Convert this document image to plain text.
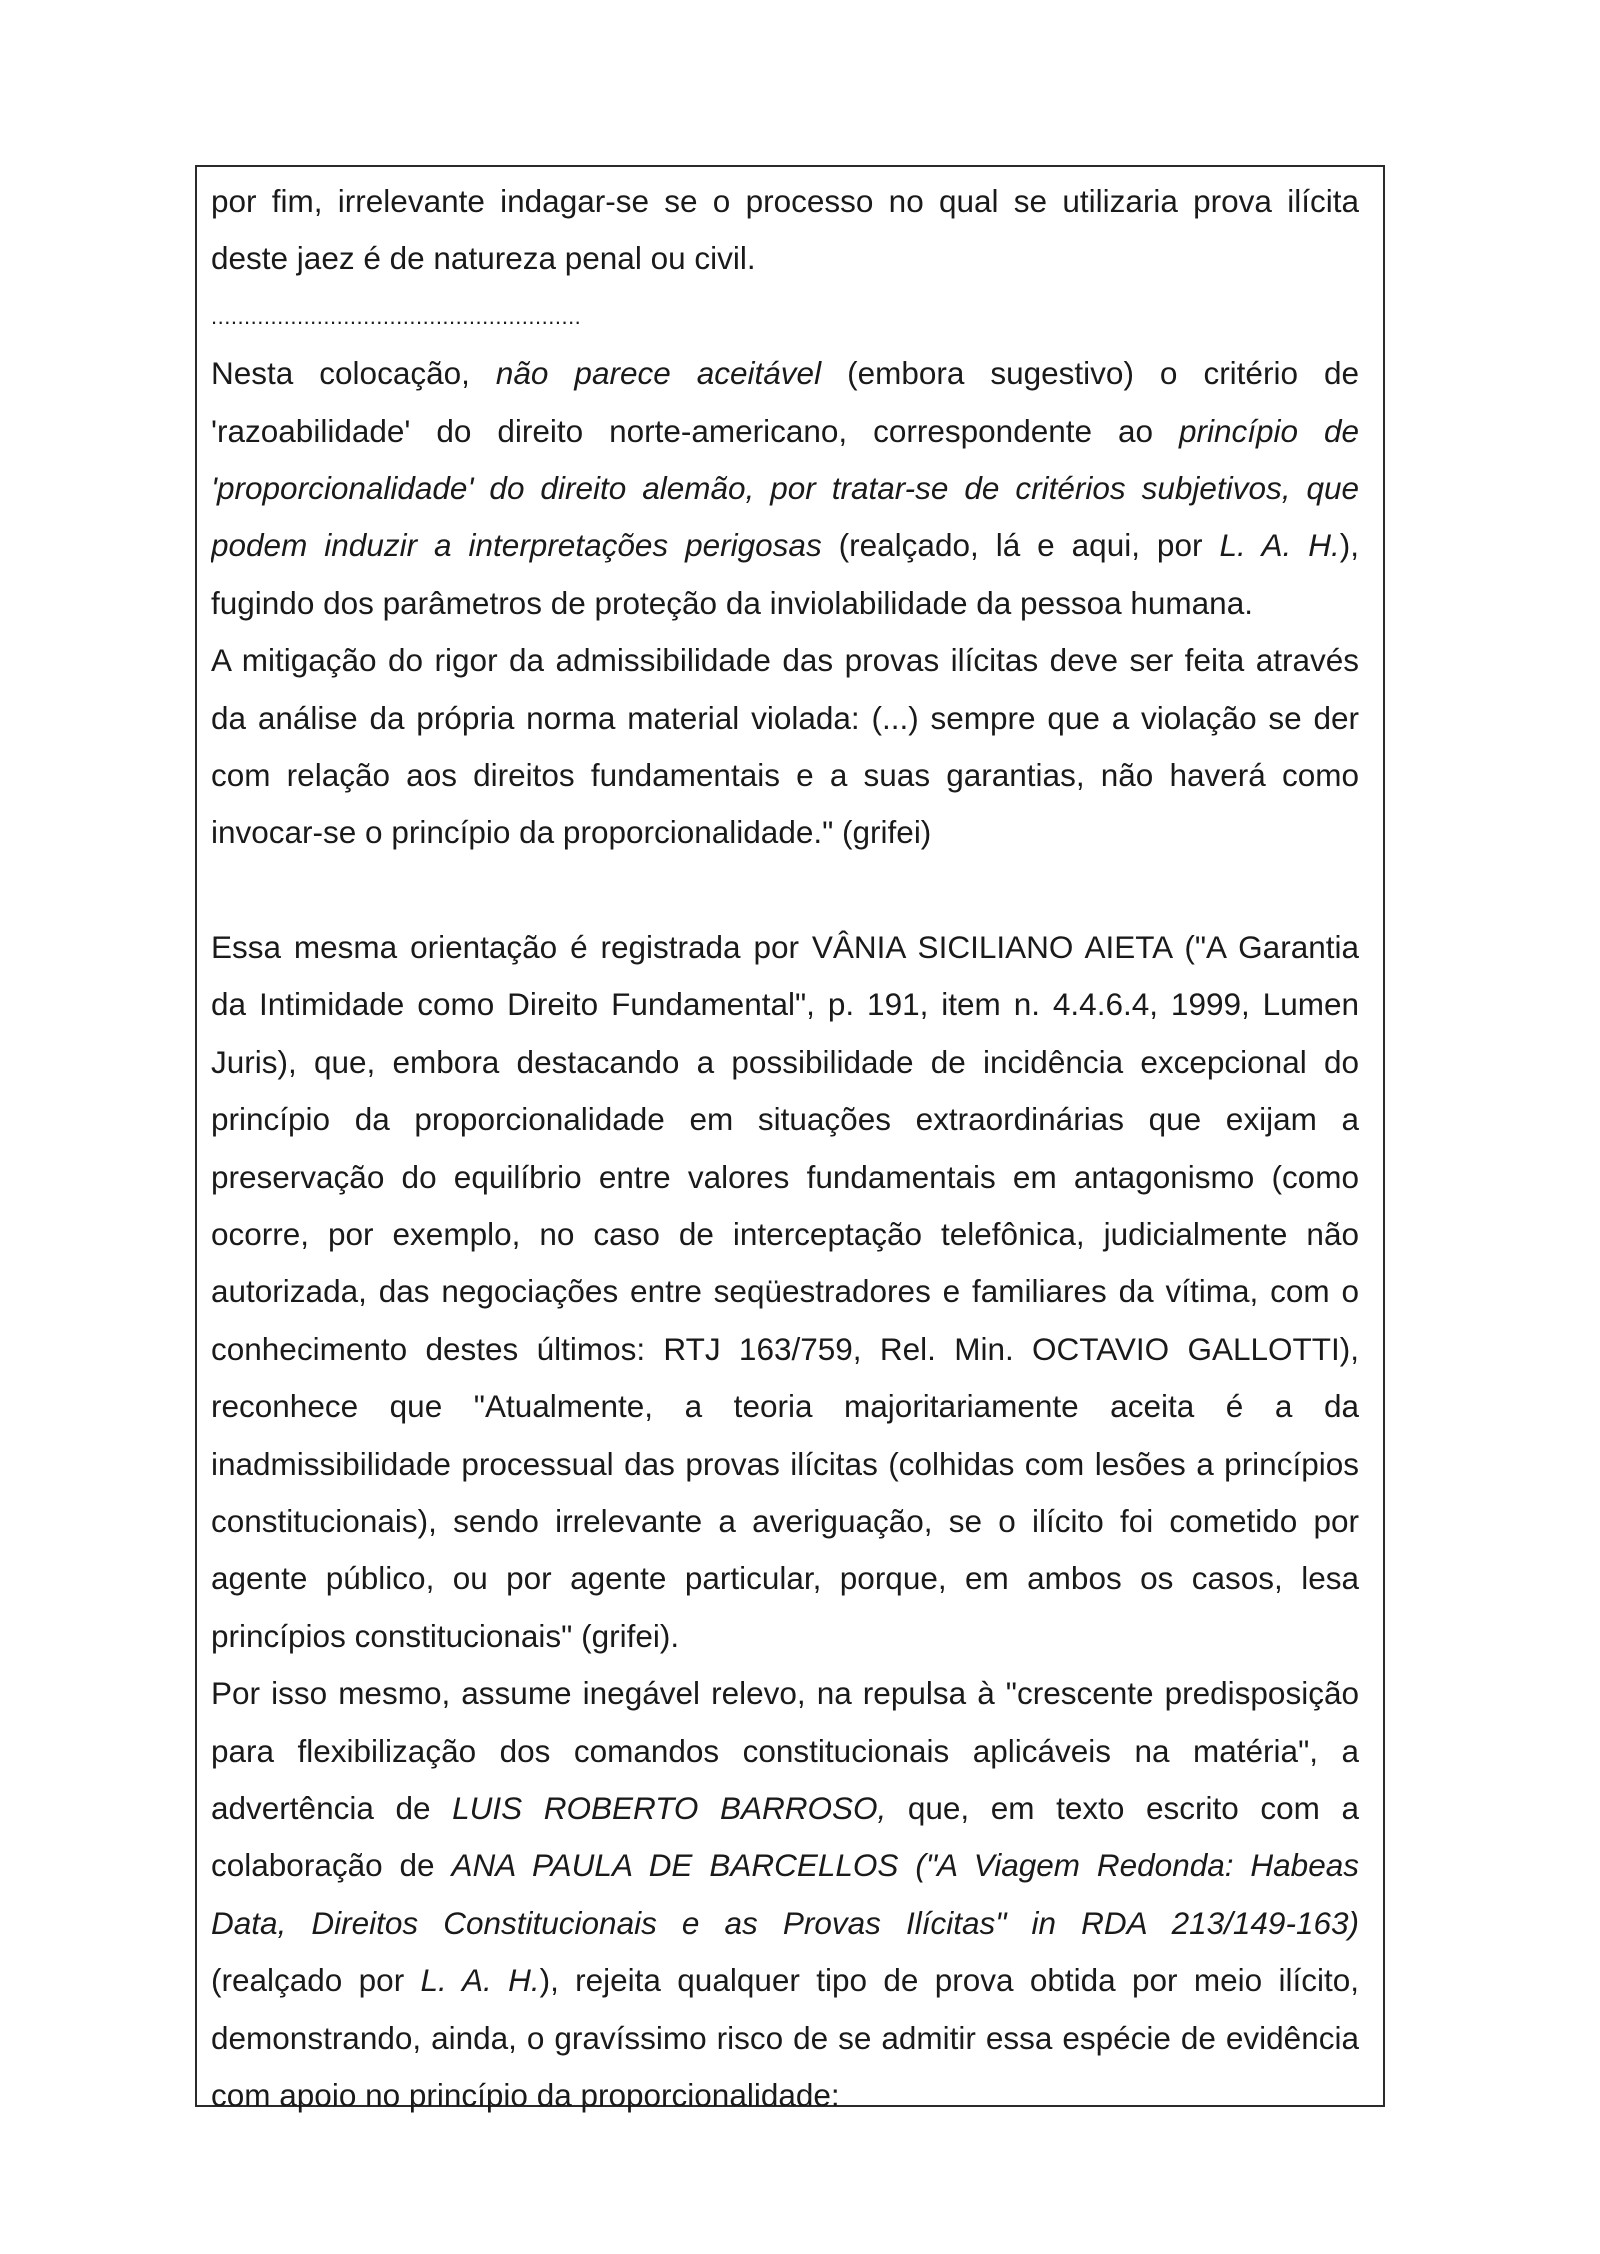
por fim, irrelevante indagar-se se o processo no qual se utilizaria prova ilícita
deste jaez é de natureza penal ou civil.
........................................................
Nesta colocação, não parece aceitável (embora sugestivo) o critério de
'razoabilidade' do direito norte-americano, correspondente ao princípio de
'proporcionalidade' do direito alemão, por tratar-se de critérios subjetivos, que
podem induzir a interpretações perigosas (realçado, lá e aqui, por L. A. H.),
fugindo dos parâmetros de proteção da inviolabilidade da pessoa humana.
A mitigação do rigor da admissibilidade das provas ilícitas deve ser feita através
da análise da própria norma material violada: (...) sempre que a violação se der
com relação aos direitos fundamentais e a suas garantias, não haverá como
invocar-se o princípio da proporcionalidade." (grifei)
Essa mesma orientação é registrada por VÂNIA SICILIANO AIETA ("A Garantia
da Intimidade como Direito Fundamental", p. 191, item n. 4.4.6.4, 1999, Lumen
Juris), que, embora destacando a possibilidade de incidência excepcional do
princípio da proporcionalidade em situações extraordinárias que exijam a
preservação do equilíbrio entre valores fundamentais em antagonismo (como
ocorre, por exemplo, no caso de interceptação telefônica, judicialmente não
autorizada, das negociações entre seqüestradores e familiares da vítima, com o
conhecimento destes últimos: RTJ 163/759, Rel. Min. OCTAVIO GALLOTTI),
reconhece que "Atualmente, a teoria majoritariamente aceita é a da
inadmissibilidade processual das provas ilícitas (colhidas com lesões a princípios
constitucionais), sendo irrelevante a averiguação, se o ilícito foi cometido por
agente público, ou por agente particular, porque, em ambos os casos, lesa
princípios constitucionais" (grifei).
Por isso mesmo, assume inegável relevo, na repulsa à "crescente predisposição
para flexibilização dos comandos constitucionais aplicáveis na matéria", a
advertência de LUIS ROBERTO BARROSO, que, em texto escrito com a
colaboração de ANA PAULA DE BARCELLOS ("A Viagem Redonda: Habeas
Data, Direitos Constitucionais e as Provas Ilícitas" in RDA 213/149-163)
(realçado por L. A. H.), rejeita qualquer tipo de prova obtida por meio ilícito,
demonstrando, ainda, o gravíssimo risco de se admitir essa espécie de evidência
com apoio no princípio da proporcionalidade:
